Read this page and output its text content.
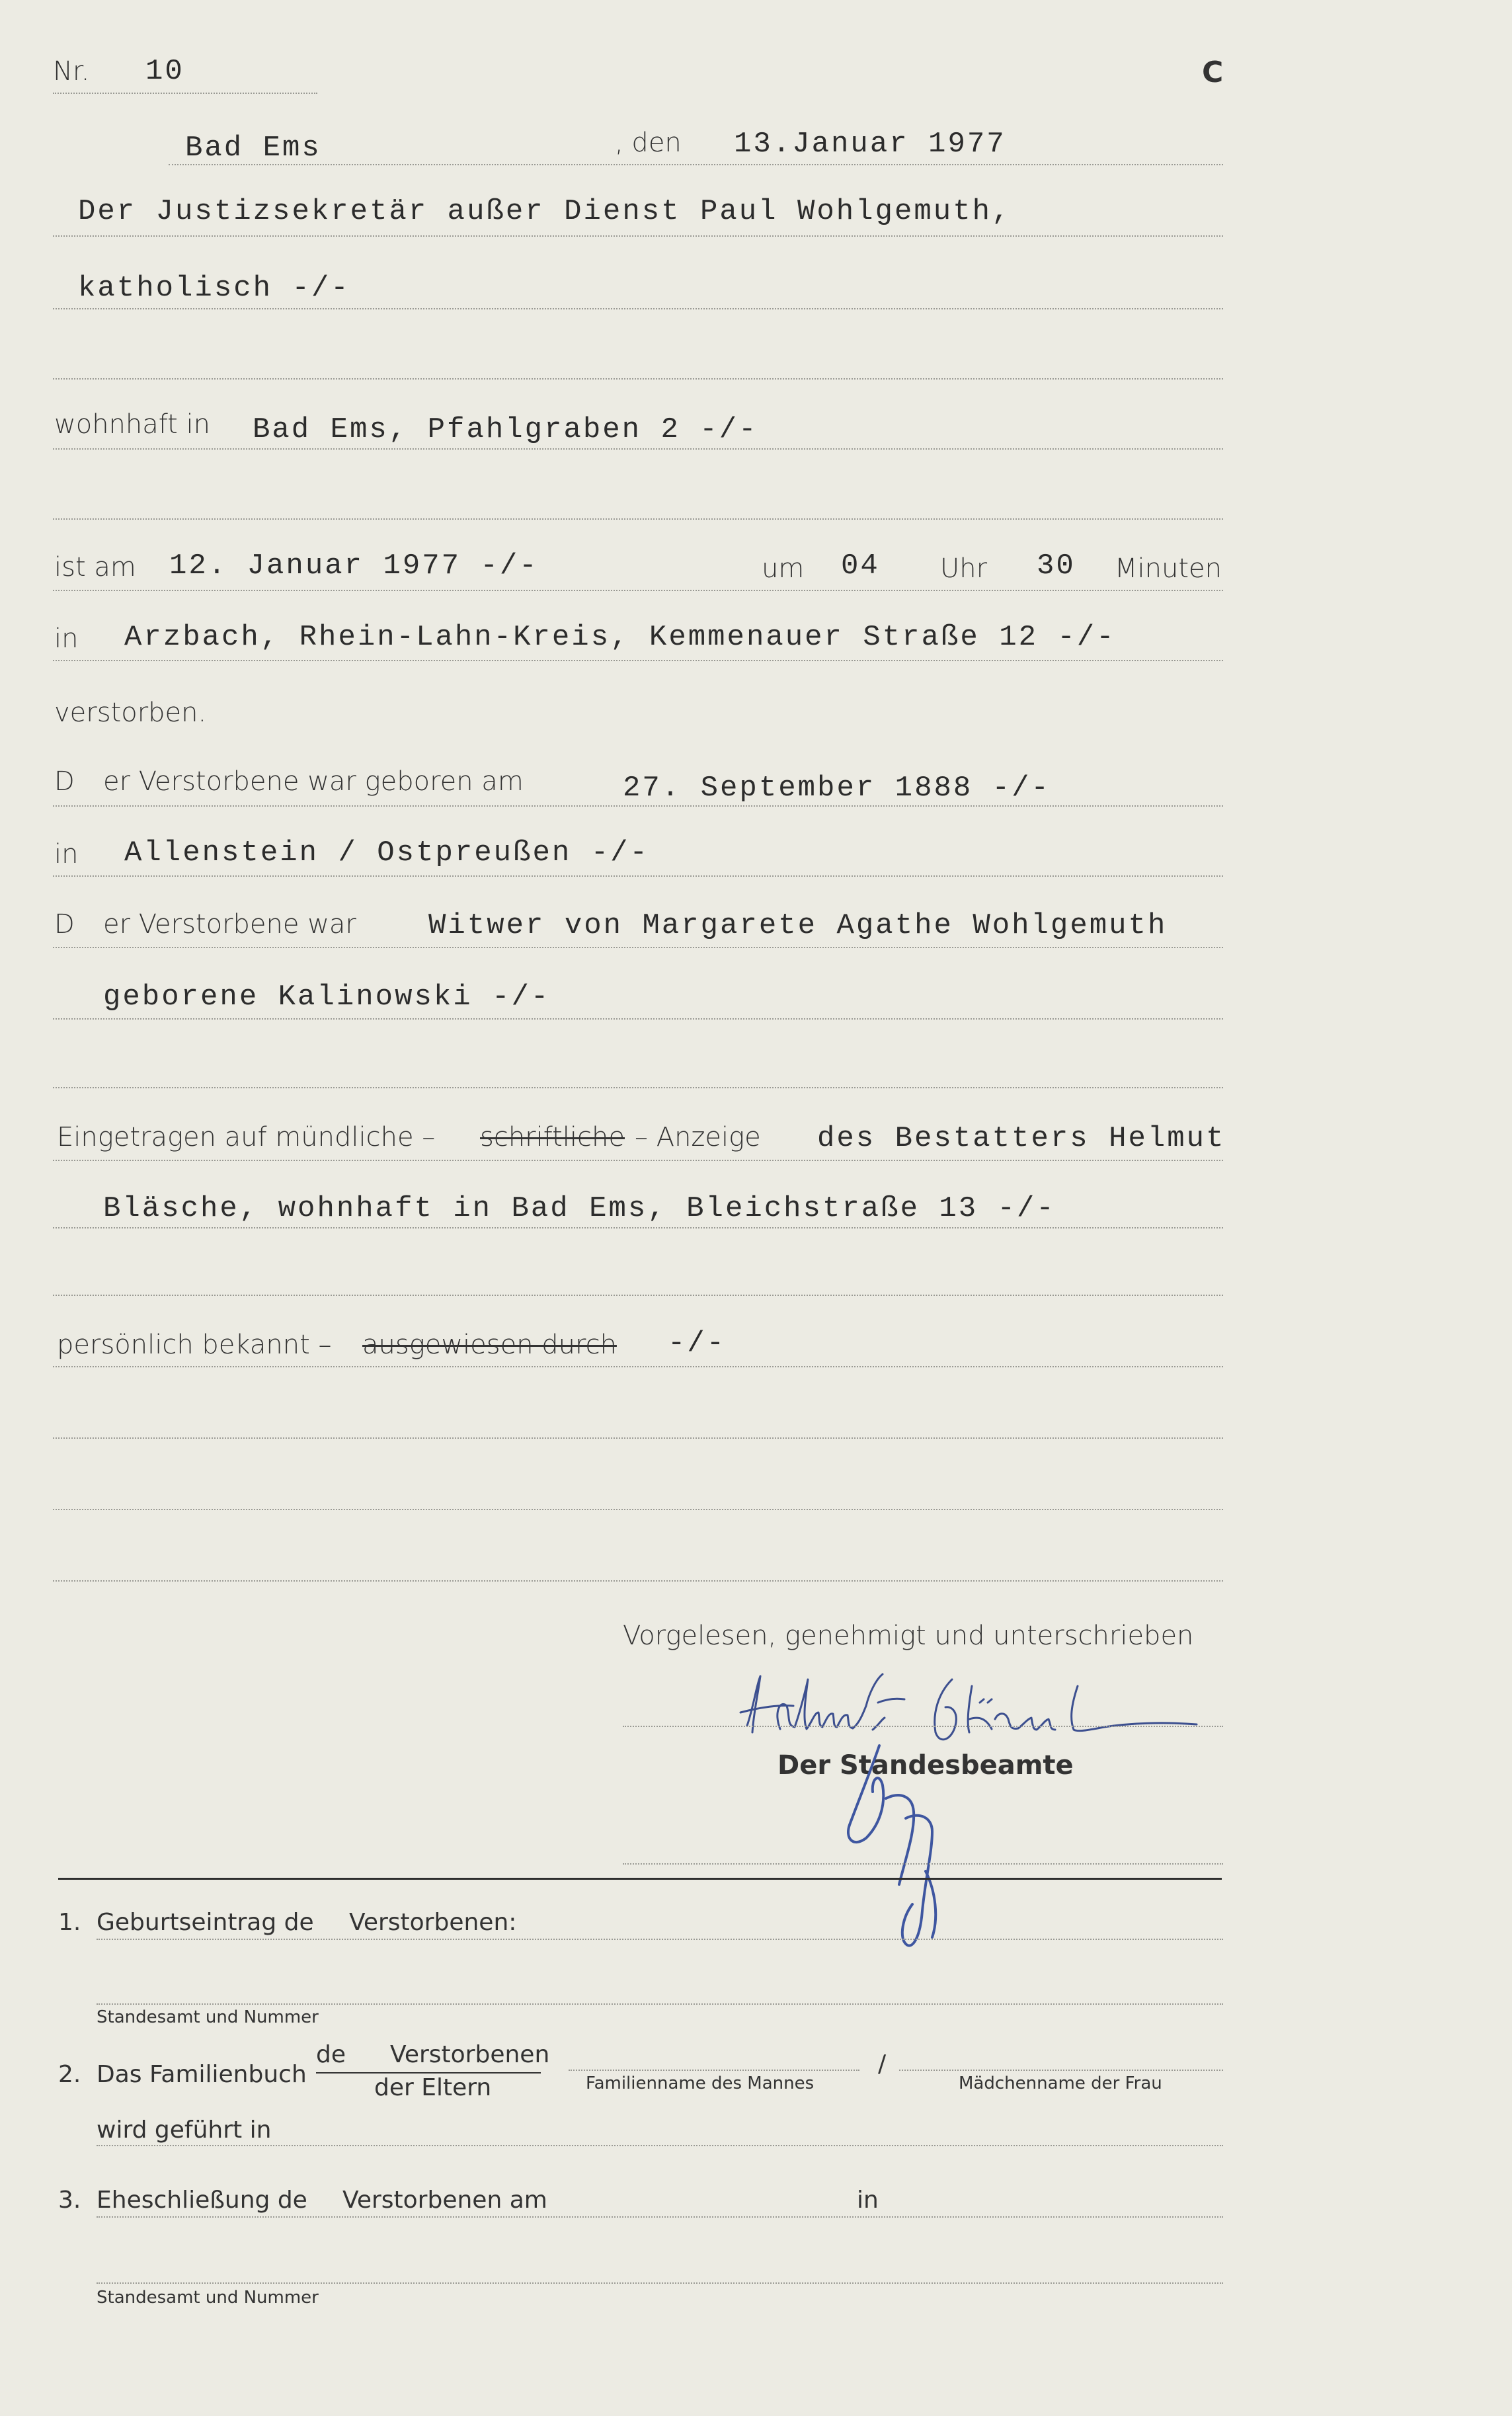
Nr. 10	C
Bad Ems	, den 13.Januar 1977
Der Justizsekretär außer Dienst Paul Wohlgemuth,
katholisch -/-
wohnhaft in Bad Ems, Pfahlgraben 2 -/-
ist am 12. Januar 1977 -/-	um 04 Uhr 30 Minuten
in Arzbach, Rhein-Lahn-Kreis, Kemmenauer Straße 12 -/-
verstorben.
D er Verstorbene war geboren am	27. September 1888 -/-
in Allenstein / Ostpreußen -/-
D er Verstorbene war Witwer von Margarete Agathe Wohlgemuth
geborene Kalinowski -/-
Eingetragen auf mündliche – schriftliche – Anzeige des Bestatters Helmut
Bläsche, wohnhaft in Bad Ems, Bleichstraße 13 -/-
persönlich bekannt – ausgewiesen durch -/-
Vorgelesen, genehmigt und unterschrieben
Der Standesbeamte
1. Geburtseintrag de Verstorbenen:
Standesamt und Nummer
2. Das Familienbuch
de Verstorbenen
der Eltern	Familienname des Mannes
/
Mädchenname der Frau
wird geführt in
3. Eheschließung de Verstorbenen am	in
Standesamt und Nummer
